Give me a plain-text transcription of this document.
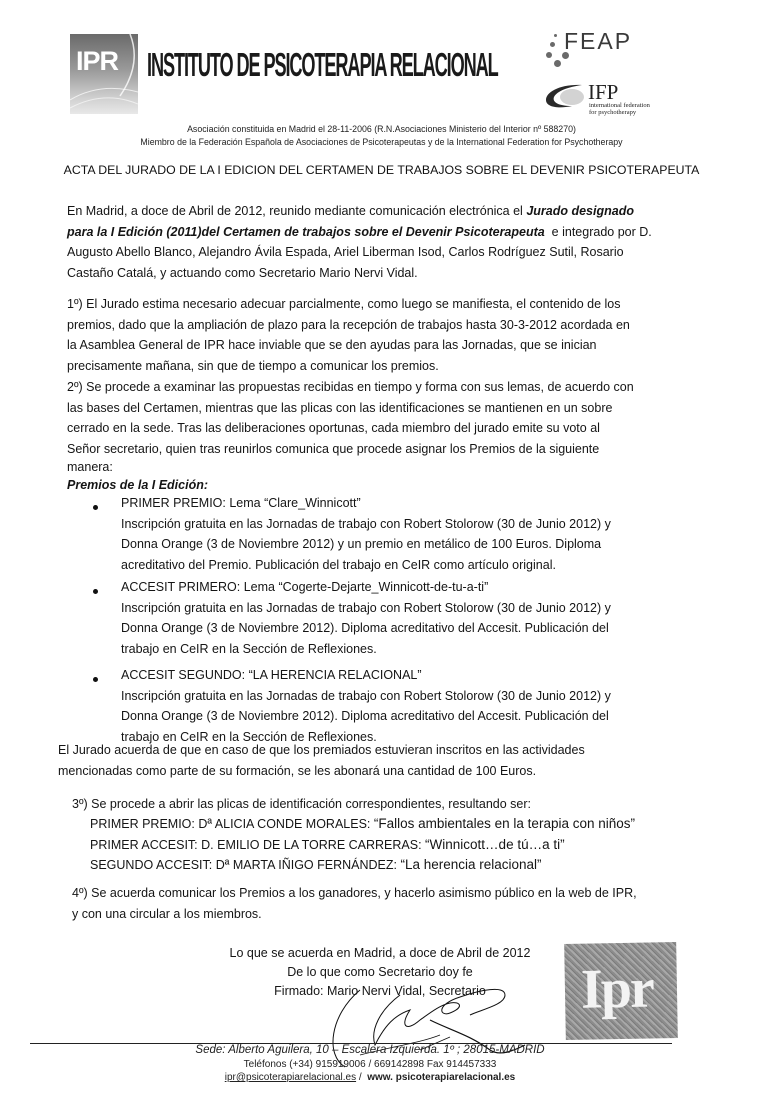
IPR INSTITUTO DE PSICOTERAPIA RELACIONAL
FEAP
IFP
international federation
for psychotherapy
Asociación constituida en Madrid el 28-11-2006 (R.N.Asociaciones Ministerio del Interior nº 588270)
Miembro de la Federación Española de Asociaciones de Psicoterapeutas y de la International Federation for Psychotherapy
ACTA DEL JURADO DE LA I EDICION DEL CERTAMEN DE TRABAJOS SOBRE EL DEVENIR PSICOTERAPEUTA
En Madrid, a doce de Abril de 2012, reunido mediante comunicación electrónica el Jurado designado
para la I Edición (2011)del Certamen de trabajos sobre el Devenir Psicoterapeuta  e integrado por D.
Augusto Abello Blanco, Alejandro Ávila Espada, Ariel Liberman Isod, Carlos Rodríguez Sutil, Rosario
Castaño Catalá, y actuando como Secretario Mario Nervi Vidal.
1º) El Jurado estima necesario adecuar parcialmente, como luego se manifiesta, el contenido de los
premios, dado que la ampliación de plazo para la recepción de trabajos hasta 30-3-2012 acordada en
la Asamblea General de IPR hace inviable que se den ayudas para las Jornadas, que se inician
precisamente mañana, sin que de tiempo a comunicar los premios.
2º) Se procede a examinar las propuestas recibidas en tiempo y forma con sus lemas, de acuerdo con
las bases del Certamen, mientras que las plicas con las identificaciones se mantienen en un sobre
cerrado en la sede. Tras las deliberaciones oportunas, cada miembro del jurado emite su voto al
Señor secretario, quien tras reunirlos comunica que procede asignar los Premios de la siguiente
manera:
Premios de la I Edición:
PRIMER PREMIO: Lema “Clare_Winnicott”
Inscripción gratuita en las Jornadas de trabajo con Robert Stolorow (30 de Junio 2012) y
Donna Orange (3 de Noviembre 2012) y un premio en metálico de 100 Euros. Diploma
acreditativo del Premio. Publicación del trabajo en CeIR como artículo original.
ACCESIT PRIMERO: Lema “Cogerte-Dejarte_Winnicott-de-tu-a-ti”
Inscripción gratuita en las Jornadas de trabajo con Robert Stolorow (30 de Junio 2012) y
Donna Orange (3 de Noviembre 2012). Diploma acreditativo del Accesit. Publicación del
trabajo en CeIR en la Sección de Reflexiones.
ACCESIT SEGUNDO: “LA HERENCIA RELACIONAL”
Inscripción gratuita en las Jornadas de trabajo con Robert Stolorow (30 de Junio 2012) y
Donna Orange (3 de Noviembre 2012). Diploma acreditativo del Accesit. Publicación del
trabajo en CeIR en la Sección de Reflexiones.
El Jurado acuerda de que en caso de que los premiados estuvieran inscritos en las actividades
mencionadas como parte de su formación, se les abonará una cantidad de 100 Euros.
3º) Se procede a abrir las plicas de identificación correspondientes, resultando ser:
PRIMER PREMIO: Dª ALICIA CONDE MORALES: “Fallos ambientales en la terapia con niños”
PRIMER ACCESIT: D. EMILIO DE LA TORRE CARRERAS: “Winnicott…de tú…a ti”
SEGUNDO ACCESIT: Dª MARTA IÑIGO FERNÁNDEZ: “La herencia relacional”
4º) Se acuerda comunicar los Premios a los ganadores, y hacerlo asimismo público en la web de IPR,
y con una circular a los miembros.
Lo que se acuerda en Madrid, a doce de Abril de 2012
De lo que como Secretario doy fe
Firmado: Mario Nervi Vidal, Secretario	Ipr
Sede: Alberto Aguilera, 10 – Escalera Izquierda. 1º ; 28015-MADRID
Teléfonos (+34) 915919006 / 669142898 Fax 914457333
ipr@psicoterapiarelacional.es /  www. psicoterapiarelacional.es
